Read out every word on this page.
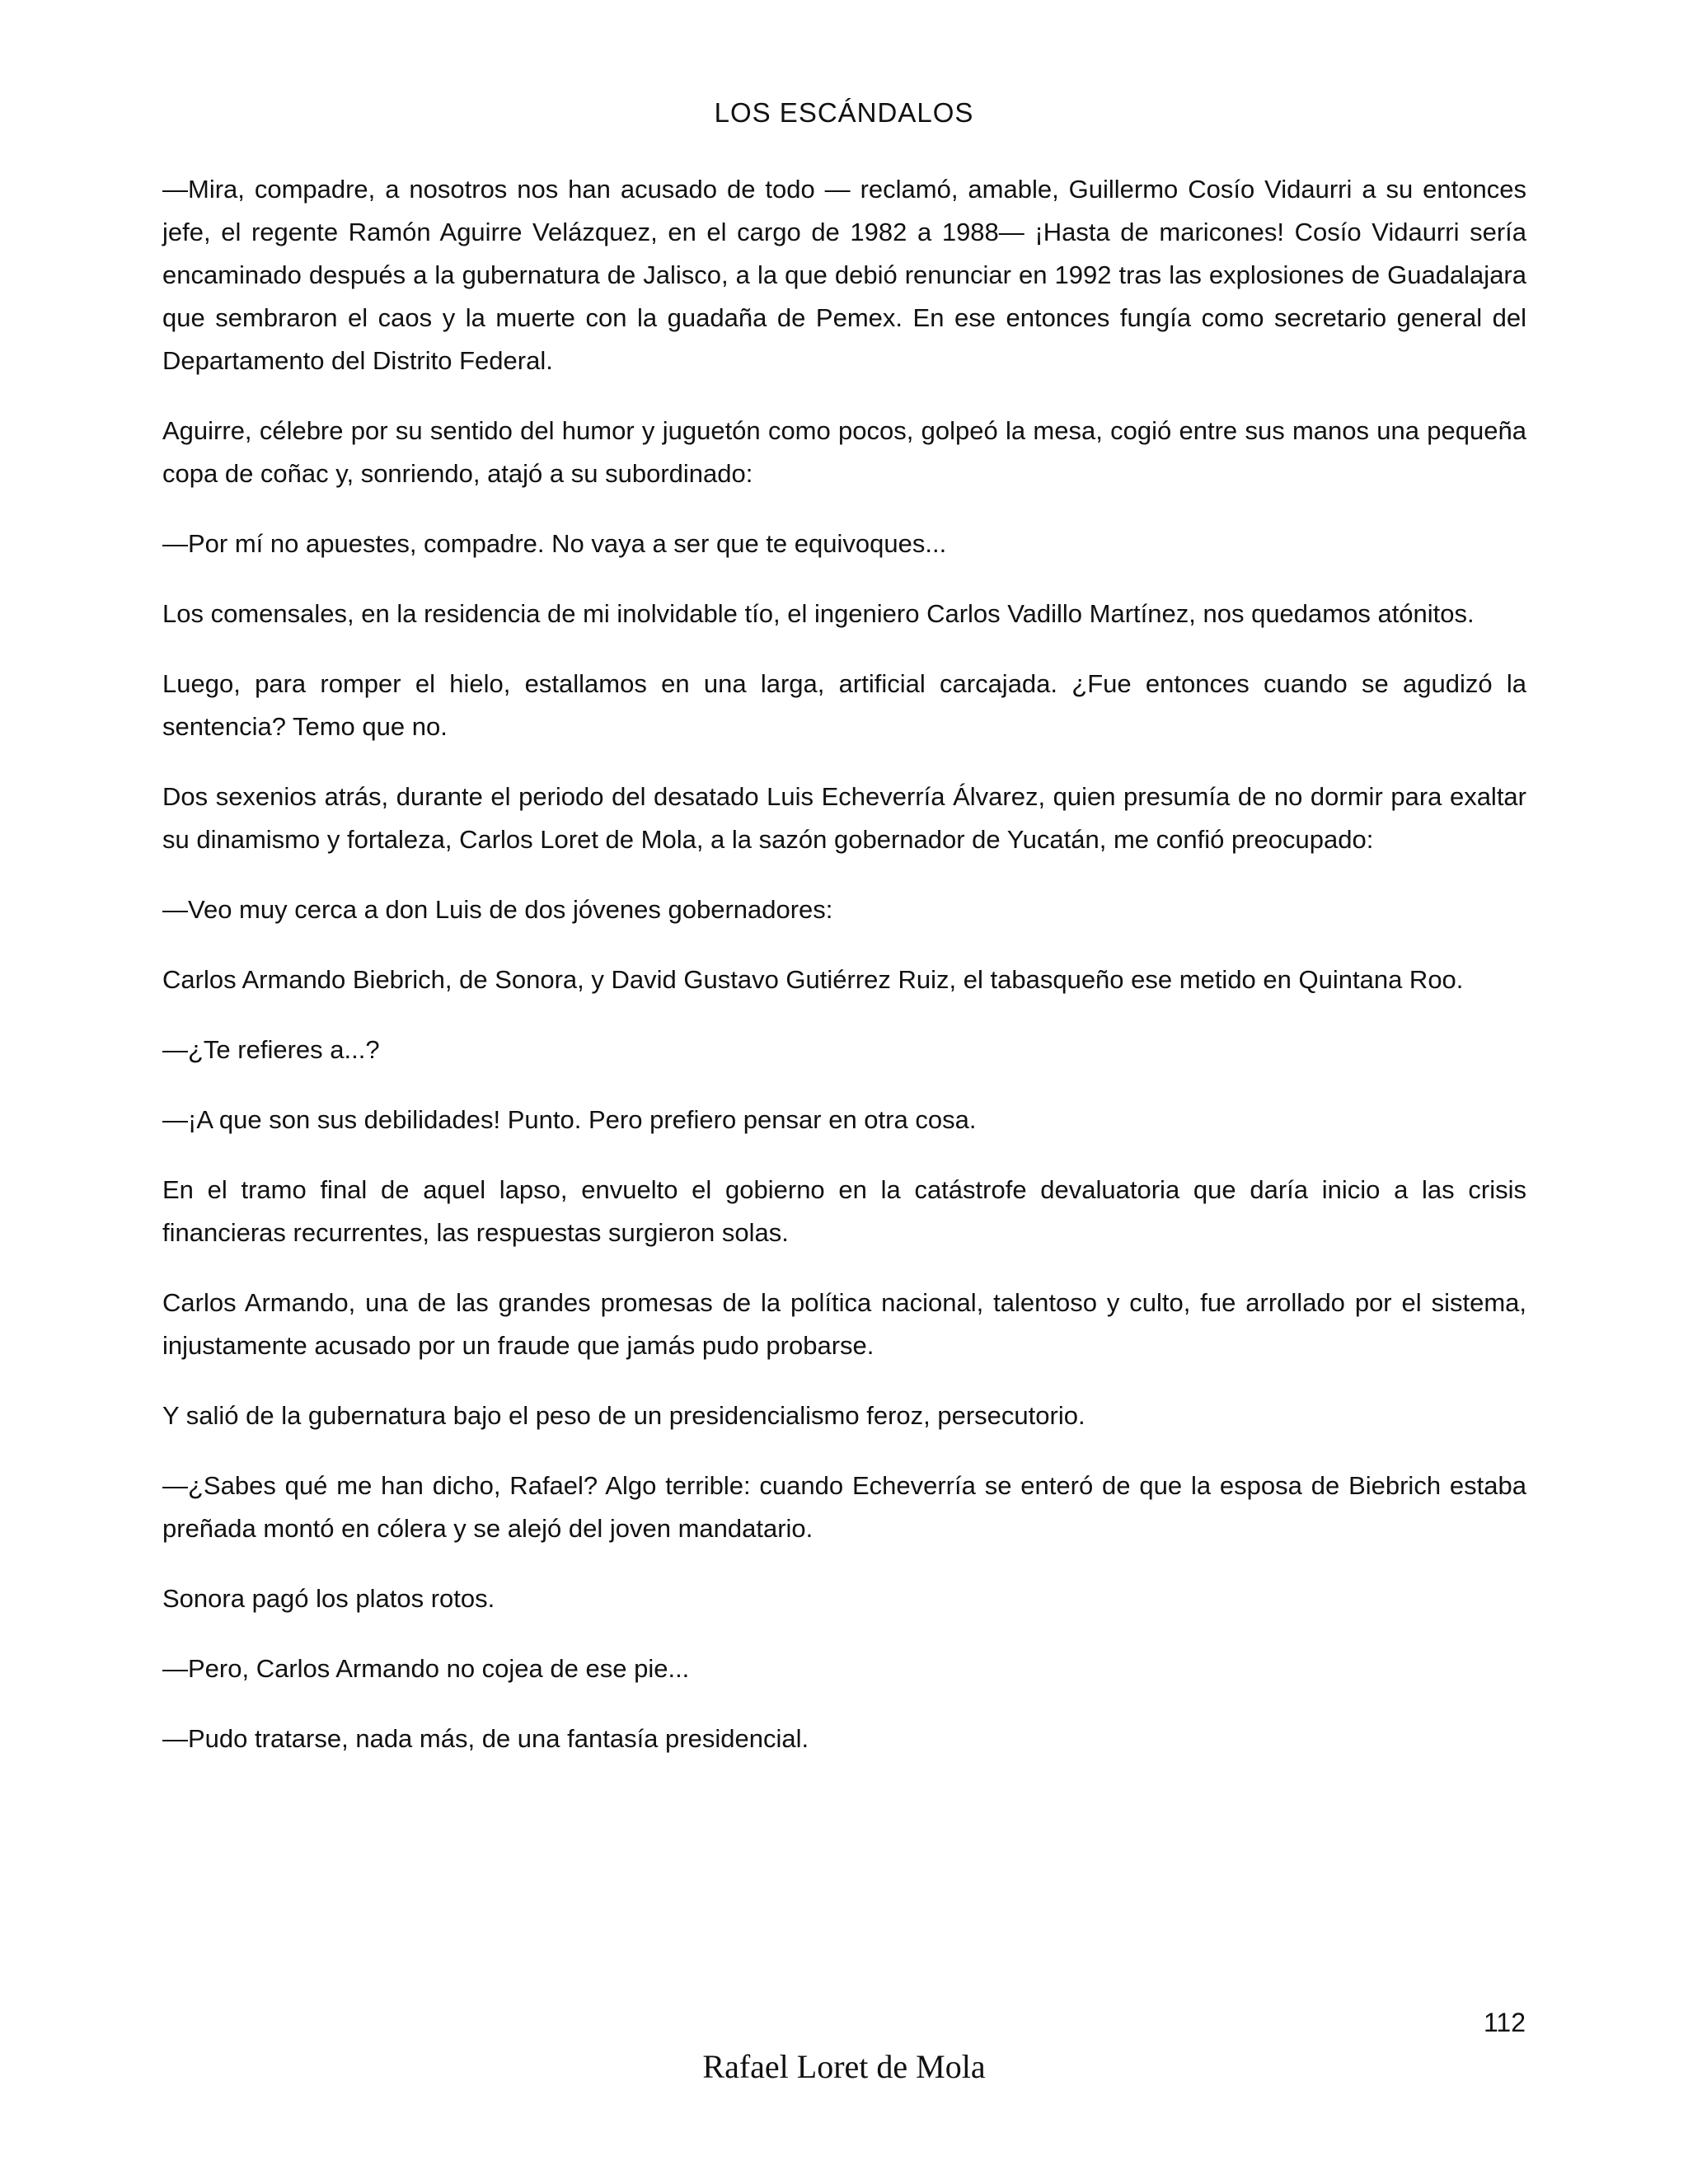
LOS ESCÁNDALOS

—Mira, compadre, a nosotros nos han acusado de todo — reclamó, amable, Guillermo Cosío Vidaurri a su entonces jefe, el regente Ramón Aguirre Velázquez, en el cargo de 1982 a 1988— ¡Hasta de maricones! Cosío Vidaurri sería encaminado después a la gubernatura de Jalisco, a la que debió renunciar en 1992 tras las explosiones de Guadalajara que sembraron el caos y la muerte con la guadaña de Pemex. En ese entonces fungía como secretario general del Departamento del Distrito Federal.

Aguirre, célebre por su sentido del humor y juguetón como pocos, golpeó la mesa, cogió entre sus manos una pequeña copa de coñac y, sonriendo, atajó a su subordinado:

—Por mí no apuestes, compadre. No vaya a ser que te equivoques...

Los comensales, en la residencia de mi inolvidable tío, el ingeniero Carlos Vadillo Martínez, nos quedamos atónitos.

Luego, para romper el hielo, estallamos en una larga, artificial carcajada. ¿Fue entonces cuando se agudizó la sentencia? Temo que no.

Dos sexenios atrás, durante el periodo del desatado Luis Echeverría Álvarez, quien presumía de no dormir para exaltar su dinamismo y fortaleza, Carlos Loret de Mola, a la sazón gobernador de Yucatán, me confió preocupado:

—Veo muy cerca a don Luis de dos jóvenes gobernadores:

Carlos Armando Biebrich, de Sonora, y David Gustavo Gutiérrez Ruiz, el tabasqueño ese metido en Quintana Roo.

—¿Te refieres a...?

—¡A que son sus debilidades! Punto. Pero prefiero pensar en otra cosa.

En el tramo final de aquel lapso, envuelto el gobierno en la catástrofe devaluatoria que daría inicio a las crisis financieras recurrentes, las respuestas surgieron solas.

Carlos Armando, una de las grandes promesas de la política nacional, talentoso y culto, fue arrollado por el sistema, injustamente acusado por un fraude que jamás pudo probarse.

Y salió de la gubernatura bajo el peso de un presidencialismo feroz, persecutorio.

—¿Sabes qué me han dicho, Rafael? Algo terrible: cuando Echeverría se enteró de que la esposa de Biebrich estaba preñada montó en cólera y se alejó del joven mandatario.

Sonora pagó los platos rotos.

—Pero, Carlos Armando no cojea de ese pie...

—Pudo tratarse, nada más, de una fantasía presidencial.

112
Rafael Loret de Mola
